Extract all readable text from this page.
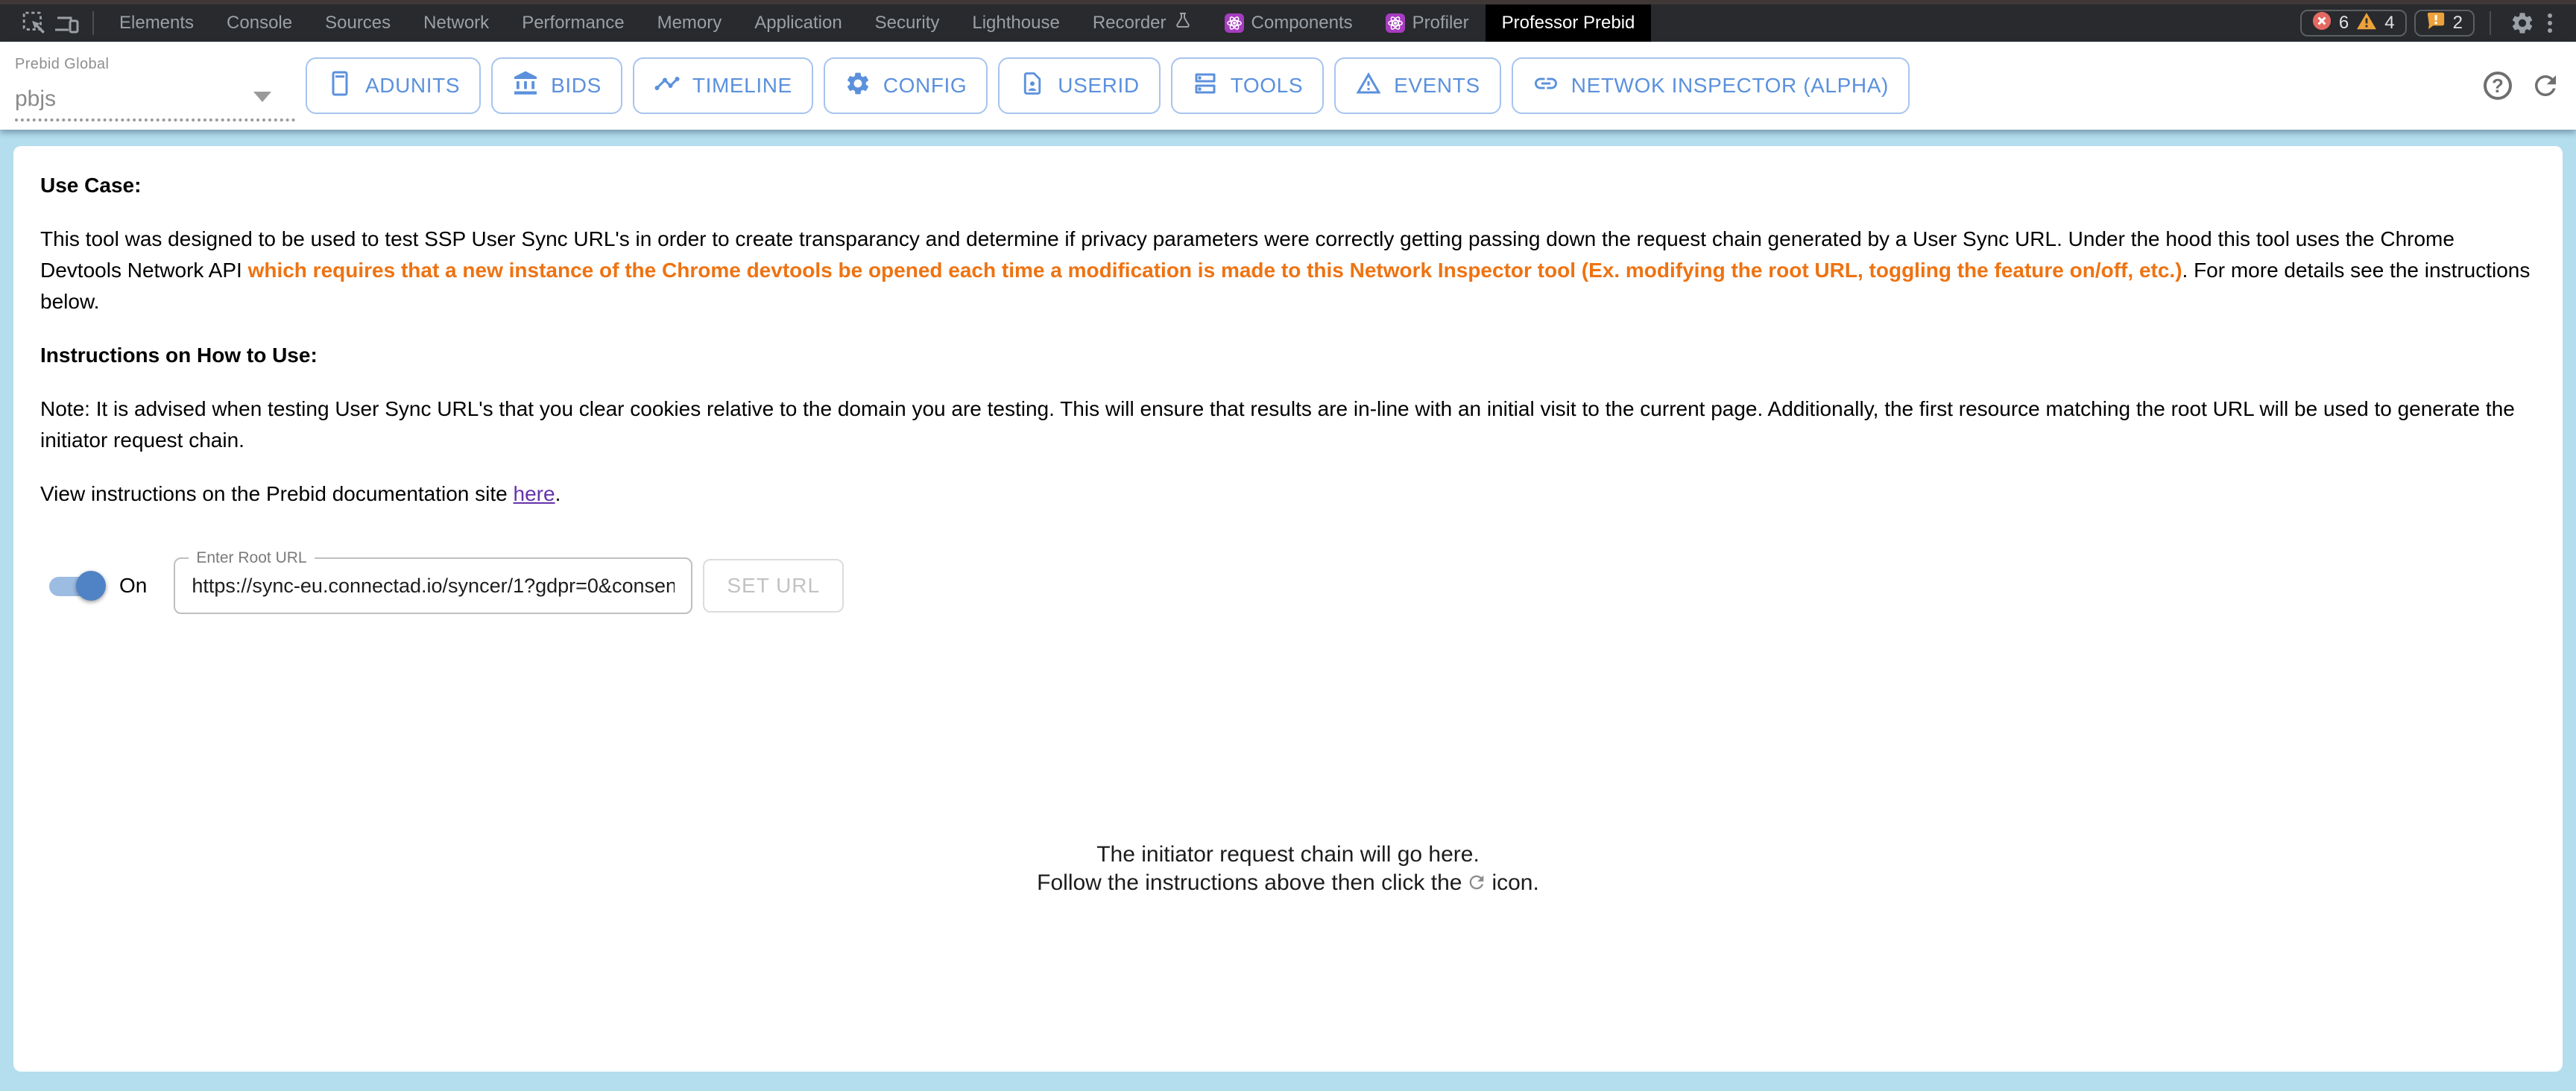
Elements	Console	Sources	Network	Performance	Memory	Application	Security	Lighthouse	Recorder	Components	Profiler	Professor Prebid	6	4	2
Prebid Global
pbjs
ADUNITS	BIDS	TIMELINE	CONFIG	USERID	TOOLS	EVENTS	NETWOK INSPECTOR (ALPHA)	?

Use Case:

This tool was designed to be used to test SSP User Sync URL's in order to create transparancy and determine if privacy parameters were correctly getting passing down the request chain generated by a User Sync URL. Under the hood this tool uses the Chrome Devtools Network API which requires that a new instance of the Chrome devtools be opened each time a modification is made to this Network Inspector tool (Ex. modifying the root URL, toggling the feature on/off, etc.). For more details see the instructions below.

Instructions on How to Use:

Note: It is advised when testing User Sync URL's that you clear cookies relative to the domain you are testing. This will ensure that results are in-line with an initial visit to the current page. Additionally, the first resource matching the root URL will be used to generate the initiator request chain.

View instructions on the Prebid documentation site here.

On
Enter Root URL
https://sync-eu.connectad.io/syncer/1?gdpr=0&consent=&us
SET URL
The initiator request chain will go here.
Follow the instructions above then click the	icon.
